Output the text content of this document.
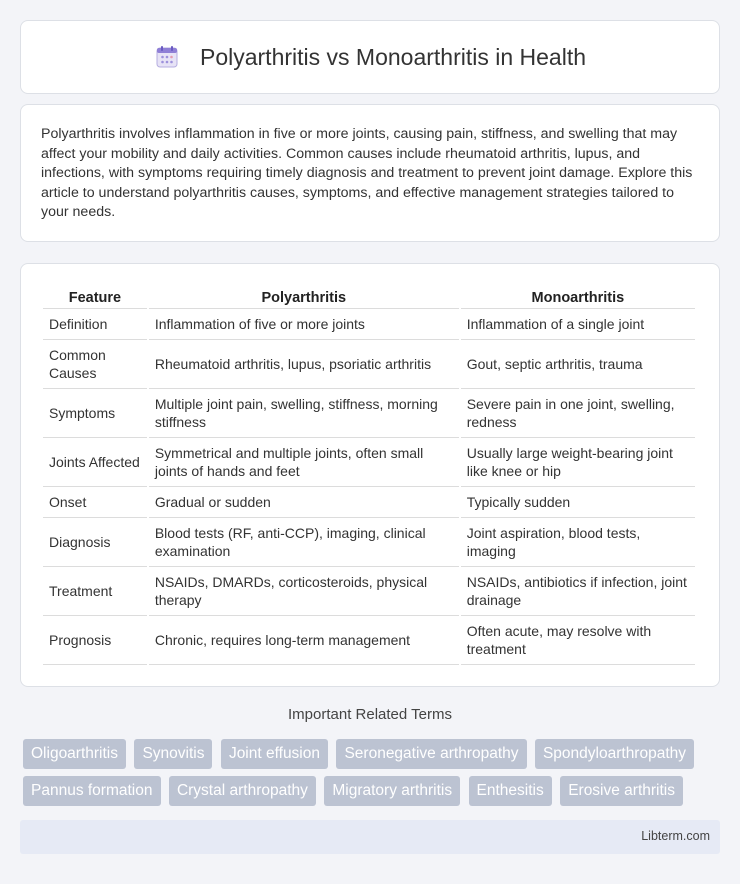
Polyarthritis vs Monoarthritis in Health

Polyarthritis involves inflammation in five or more joints, causing pain, stiffness, and swelling that may affect your mobility and daily activities. Common causes include rheumatoid arthritis, lupus, and infections, with symptoms requiring timely diagnosis and treatment to prevent joint damage. Explore this article to understand polyarthritis causes, symptoms, and effective management strategies tailored to your needs.

Feature	Polyarthritis	Monoarthritis
Definition	Inflammation of five or more joints	Inflammation of a single joint
Common Causes	Rheumatoid arthritis, lupus, psoriatic arthritis	Gout, septic arthritis, trauma
Symptoms	Multiple joint pain, swelling, stiffness, morning stiffness	Severe pain in one joint, swelling, redness
Joints Affected	Symmetrical and multiple joints, often small joints of hands and feet	Usually large weight-bearing joint like knee or hip
Onset	Gradual or sudden	Typically sudden
Diagnosis	Blood tests (RF, anti-CCP), imaging, clinical examination	Joint aspiration, blood tests, imaging
Treatment	NSAIDs, DMARDs, corticosteroids, physical therapy	NSAIDs, antibiotics if infection, joint drainage
Prognosis	Chronic, requires long-term management	Often acute, may resolve with treatment
Important Related Terms
Oligoarthritis Synovitis Joint effusion Seronegative arthropathy Spondyloarthropathy Pannus formation Crystal arthropathy Migratory arthritis Enthesitis Erosive arthritis
Libterm.com
